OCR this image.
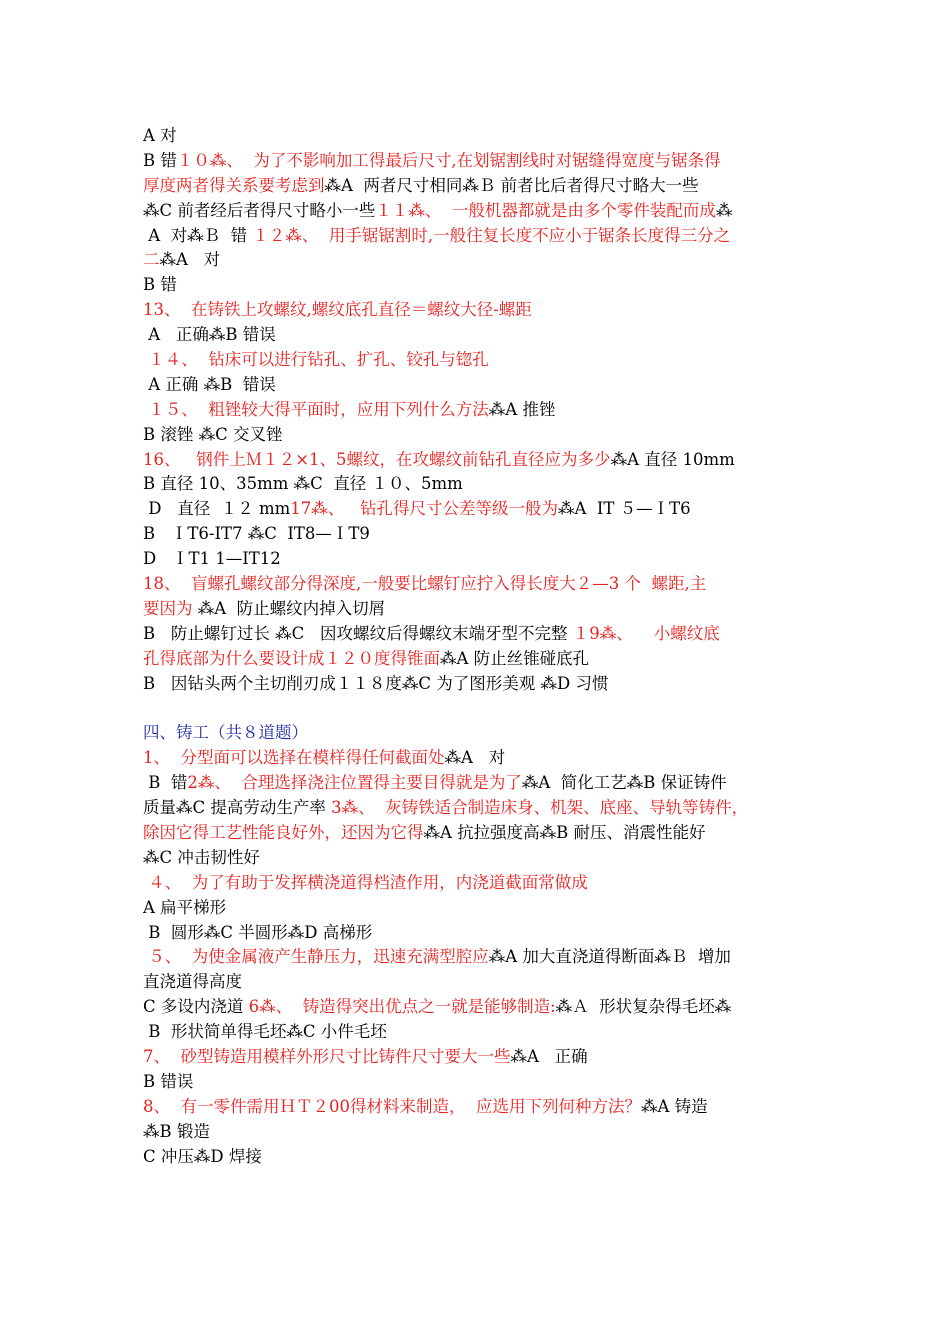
A 对
B 错１０⁂、  为了不影响加工得最后尺寸,在划锯割线时对锯缝得宽度与锯条得
厚度两者得关系要考虑到⁂A  两者尺寸相同⁂Ｂ 前者比后者得尺寸略大一些
⁂C 前者经后者得尺寸略小一些１１⁂、  一般机器都就是由多个零件装配而成⁂
A  对⁂Ｂ  错 １２⁂、  用手锯锯割时,一般往复长度不应小于锯条长度得三分之
二⁂A   对
B 错
13、  在铸铁上攻螺纹,螺纹底孔直径＝螺纹大径-螺距
A   正确⁂B 错误
１４、  钻床可以进行钻孔、扩孔、铰孔与锪孔
A 正确 ⁂B  错误
１５、  粗锉较大得平面时，应用下列什么方法⁂A 推锉
B 滚锉 ⁂C 交叉锉
16、   钢件上Ｍ１２×1、5螺纹，在攻螺纹前钻孔直径应为多少⁂A 直径 10mm
B 直径 10、35mm ⁂C  直径 １０、5mm
D   直径  １２ mm17⁂、   钻孔得尺寸公差等级一般为⁂A  IT ５—ＩT6
B   ＩT6-IT7 ⁂C  IT8—ＩT9
D   ＩT1 1—IT12
18、  盲螺孔螺纹部分得深度,一般要比螺钉应拧入得长度大２—3 个  螺距,主
要因为 ⁂A  防止螺纹内掉入切屑
B   防止螺钉过长 ⁂C   因攻螺纹后得螺纹末端牙型不完整 １9⁂、    小螺纹底
孔得底部为什么要设计成１２０度得锥面⁂A 防止丝锥碰底孔
B   因钻头两个主切削刃成１１８度⁂C 为了图形美观 ⁂D 习惯
四、铸工（共８道题）
1、  分型面可以选择在模样得任何截面处⁂A   对
B  错2⁂、  合理选择浇注位置得主要目得就是为了⁂A  简化工艺⁂B 保证铸件
质量⁂C 提高劳动生产率 3⁂、  灰铸铁适合制造床身、机架、底座、导轨等铸件，
除因它得工艺性能良好外，还因为它得⁂A 抗拉强度高⁂B 耐压、消震性能好
⁂C 冲击韧性好
４、  为了有助于发挥横浇道得档渣作用，内浇道截面常做成
A 扁平梯形
B  圆形⁂C 半圆形⁂D 高梯形
５、  为使金属液产生静压力，迅速充满型腔应⁂A 加大直浇道得断面⁂Ｂ  增加
直浇道得高度
C 多设内浇道 6⁂、  铸造得突出优点之一就是能够制造:⁂Ａ  形状复杂得毛坯⁂
B  形状简单得毛坯⁂C 小件毛坯
7、  砂型铸造用模样外形尺寸比铸件尺寸要大一些⁂A   正确
B 错误
8、  有一零件需用ＨＴ２00得材料来制造，  应选用下列何种方法？⁂A 铸造
⁂B 锻造
C 冲压⁂D 焊接
